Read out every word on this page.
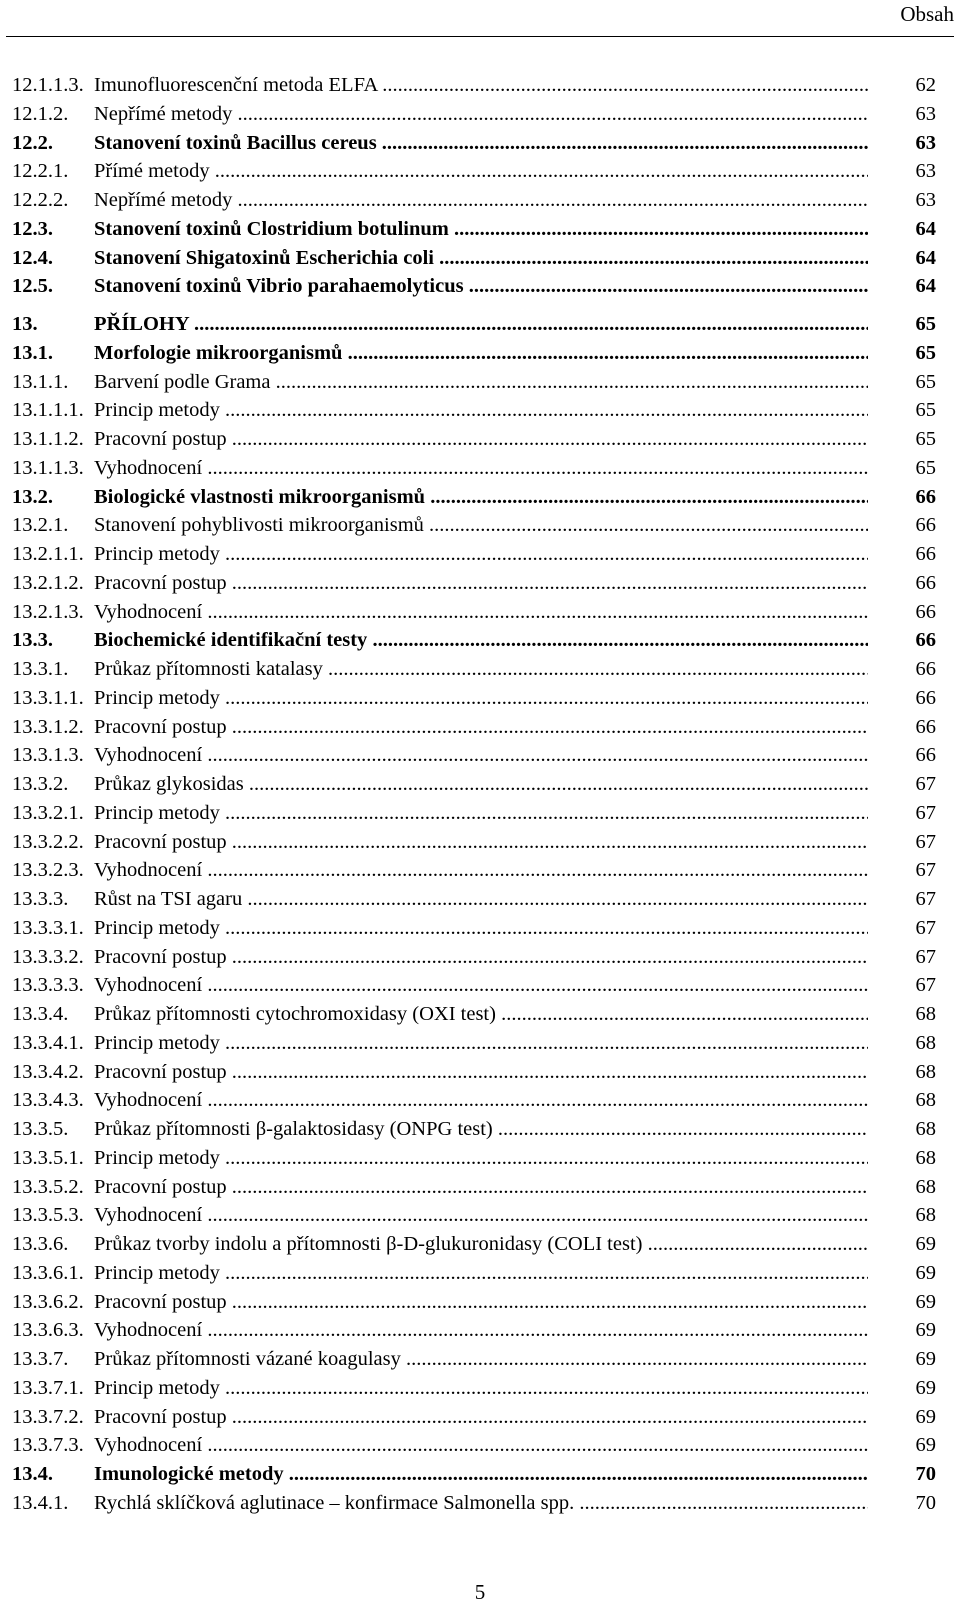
Obsah
12.1.1.3. Imunofluorescenční metoda ELFA .....	62
12.1.2. Nepřímé metody .....	63
12.2. Stanovení toxinů Bacillus cereus .....	63
12.2.1. Přímé metody .....	63
12.2.2. Nepřímé metody .....	63
12.3. Stanovení toxinů Clostridium botulinum .....	64
12.4. Stanovení Shigatoxinů Escherichia coli .....	64
12.5. Stanovení toxinů Vibrio parahaemolyticus .....	64
13.	PŘÍLOHY .....	65
13.1. Morfologie mikroorganismů .....	65
13.1.1. Barvení podle Grama .....	65
13.1.1.1. Princip metody .....	65
13.1.1.2. Pracovní postup .....	65
13.1.1.3. Vyhodnocení .....	65
13.2. Biologické vlastnosti mikroorganismů .....	66
13.2.1. Stanovení pohyblivosti mikroorganismů .....	66
13.2.1.1. Princip metody .....	66
13.2.1.2. Pracovní postup .....	66
13.2.1.3. Vyhodnocení .....	66
13.3. Biochemické identifikační testy .....	66
13.3.1. Průkaz přítomnosti katalasy .....	66
13.3.1.1. Princip metody .....	66
13.3.1.2. Pracovní postup .....	66
13.3.1.3. Vyhodnocení .....	66
13.3.2. Průkaz glykosidas .....	67
13.3.2.1. Princip metody .....	67
13.3.2.2. Pracovní postup .....	67
13.3.2.3. Vyhodnocení .....	67
13.3.3. Růst na TSI agaru .....	67
13.3.3.1. Princip metody .....	67
13.3.3.2. Pracovní postup .....	67
13.3.3.3. Vyhodnocení .....	67
13.3.4. Průkaz přítomnosti cytochromoxidasy (OXI test) .....	68
13.3.4.1. Princip metody .....	68
13.3.4.2. Pracovní postup .....	68
13.3.4.3. Vyhodnocení .....	68
13.3.5. Průkaz přítomnosti β-galaktosidasy (ONPG test) .....	68
13.3.5.1. Princip metody .....	68
13.3.5.2. Pracovní postup .....	68
13.3.5.3. Vyhodnocení .....	68
13.3.6. Průkaz tvorby indolu a přítomnosti β-D-glukuronidasy (COLI test) .....	69
13.3.6.1. Princip metody .....	69
13.3.6.2. Pracovní postup .....	69
13.3.6.3. Vyhodnocení .....	69
13.3.7. Průkaz přítomnosti vázané koagulasy .....	69
13.3.7.1. Princip metody .....	69
13.3.7.2. Pracovní postup .....	69
13.3.7.3. Vyhodnocení .....	69
13.4. Imunologické metody .....	70
13.4.1. Rychlá sklíčková aglutinace – konfirmace Salmonella spp. .....	70
5
